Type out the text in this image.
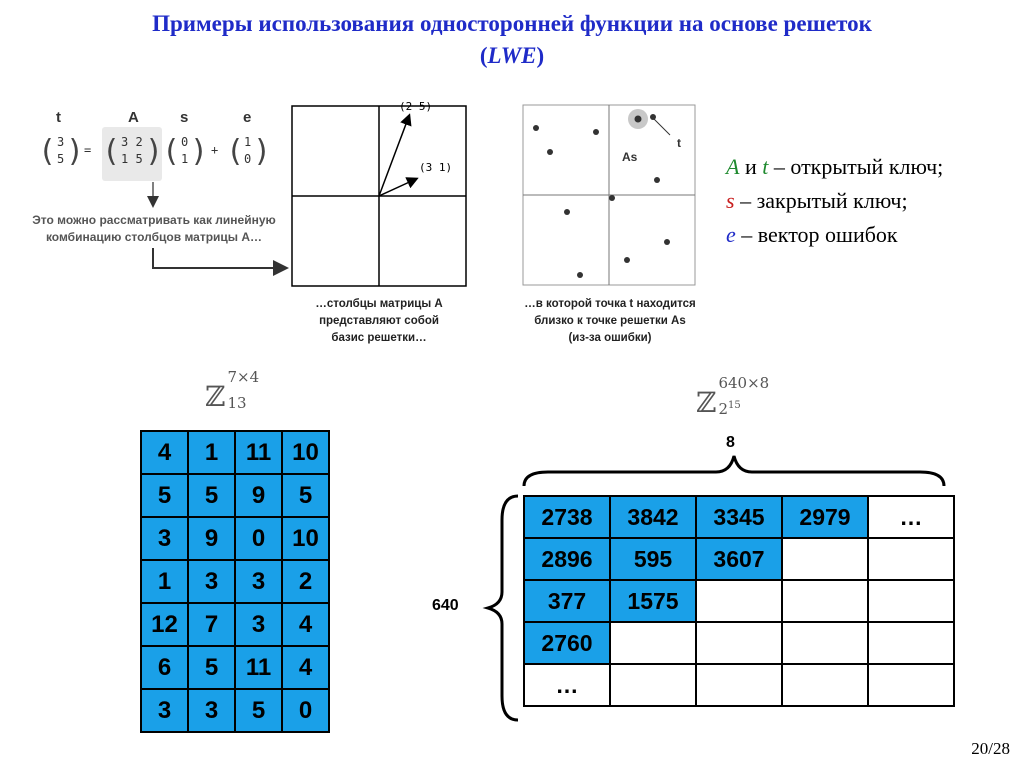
Примеры использования односторонней функции на основе решеток
(LWE)
t	A	s	e
( 3
5 ) = ( 3 2
1 5 )
( 0
1 ) + ( 1
0 )
Это можно рассматривать как линейную
комбинацию столбцов матрицы А…
(2 5)
(3 1)
…столбцы матрицы А
представляют собой
базис решетки…
As
t
…в которой точка t находится
близко к точке решетки As
(из-за ошибки)
A и t – открытый ключ;
s – закрытый ключ;
e – вектор ошибок
ℤ
7×4
13
4	1	11	10
5	5	9	5
3	9	0	10
1	3	3	2
12	7	3	4
6	5	11	4
3	3	5	0
ℤ
640×8
$2^{15}$
8
640
2738	3842	3345	2979	…
2896	595	3607		
377	1575			
2760				
…				
20/28
